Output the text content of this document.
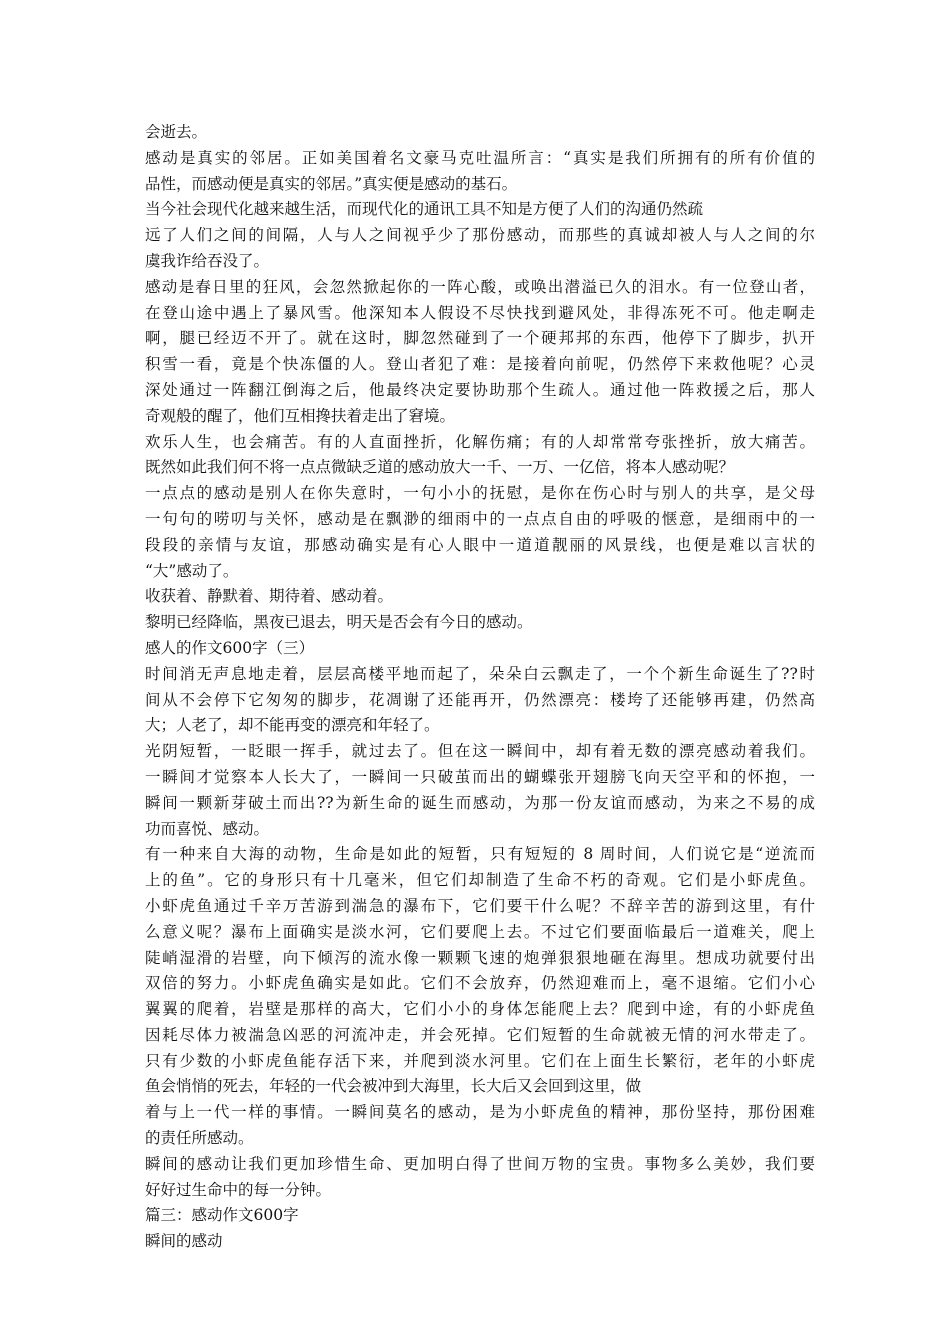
会逝去。
感动是真实的邻居。正如美国着名文豪马克吐温所言：“真实是我们所拥有的所有价值的
品性，而感动便是真实的邻居。”真实便是感动的基石。
当今社会现代化越来越生活，而现代化的通讯工具不知是方便了人们的沟通仍然疏
远了人们之间的间隔，人与人之间视乎少了那份感动，而那些的真诚却被人与人之间的尔
虞我诈给吞没了。
感动是春日里的狂风，会忽然掀起你的一阵心酸，或唤出潜溢已久的泪水。有一位登山者，
在登山途中遇上了暴风雪。他深知本人假设不尽快找到避风处，非得冻死不可。他走啊走
啊，腿已经迈不开了。就在这时，脚忽然碰到了一个硬邦邦的东西，他停下了脚步，扒开
积雪一看，竟是个快冻僵的人。登山者犯了难：是接着向前呢，仍然停下来救他呢？心灵
深处通过一阵翻江倒海之后，他最终决定要协助那个生疏人。通过他一阵救援之后，那人
奇观般的醒了，他们互相搀扶着走出了窘境。
欢乐人生，也会痛苦。有的人直面挫折，化解伤痛；有的人却常常夸张挫折，放大痛苦。
既然如此我们何不将一点点微缺乏道的感动放大一千、一万、一亿倍，将本人感动呢？
一点点的感动是别人在你失意时，一句小小的抚慰，是你在伤心时与别人的共享，是父母
一句句的唠叨与关怀，感动是在飘渺的细雨中的一点点自由的呼吸的惬意，是细雨中的一
段段的亲情与友谊，那感动确实是有心人眼中一道道靓丽的风景线，也便是难以言状的
“大”感动了。
收获着、静默着、期待着、感动着。
黎明已经降临，黑夜已退去，明天是否会有今日的感动。
感人的作文600字（三）
时间消无声息地走着，层层高楼平地而起了，朵朵白云飘走了，一个个新生命诞生了??时
间从不会停下它匆匆的脚步，花凋谢了还能再开，仍然漂亮：楼垮了还能够再建，仍然高
大；人老了，却不能再变的漂亮和年轻了。
光阴短暂，一眨眼一挥手，就过去了。但在这一瞬间中，却有着无数的漂亮感动着我们。
一瞬间才觉察本人长大了，一瞬间一只破茧而出的蝴蝶张开翅膀飞向天空平和的怀抱，一
瞬间一颗新芽破土而出??为新生命的诞生而感动，为那一份友谊而感动，为来之不易的成
功而喜悦、感动。
有一种来自大海的动物，生命是如此的短暂，只有短短的 8 周时间，人们说它是“逆流而
上的鱼”。它的身形只有十几毫米，但它们却制造了生命不朽的奇观。它们是小虾虎鱼。
小虾虎鱼通过千辛万苦游到湍急的瀑布下，它们要干什么呢？不辞辛苦的游到这里，有什
么意义呢？瀑布上面确实是淡水河，它们要爬上去。不过它们要面临最后一道难关，爬上
陡峭湿滑的岩壁，向下倾泻的流水像一颗颗飞速的炮弹狠狠地砸在海里。想成功就要付出
双倍的努力。小虾虎鱼确实是如此。它们不会放弃，仍然迎难而上，毫不退缩。它们小心
翼翼的爬着，岩壁是那样的高大，它们小小的身体怎能爬上去？爬到中途，有的小虾虎鱼
因耗尽体力被湍急凶恶的河流冲走，并会死掉。它们短暂的生命就被无情的河水带走了。
只有少数的小虾虎鱼能存活下来，并爬到淡水河里。它们在上面生长繁衍，老年的小虾虎
鱼会悄悄的死去，年轻的一代会被冲到大海里，长大后又会回到这里，做
着与上一代一样的事情。一瞬间莫名的感动，是为小虾虎鱼的精神，那份坚持，那份困难
的责任所感动。
瞬间的感动让我们更加珍惜生命、更加明白得了世间万物的宝贵。事物多么美妙，我们要
好好过生命中的每一分钟。
篇三：感动作文600字
瞬间的感动
